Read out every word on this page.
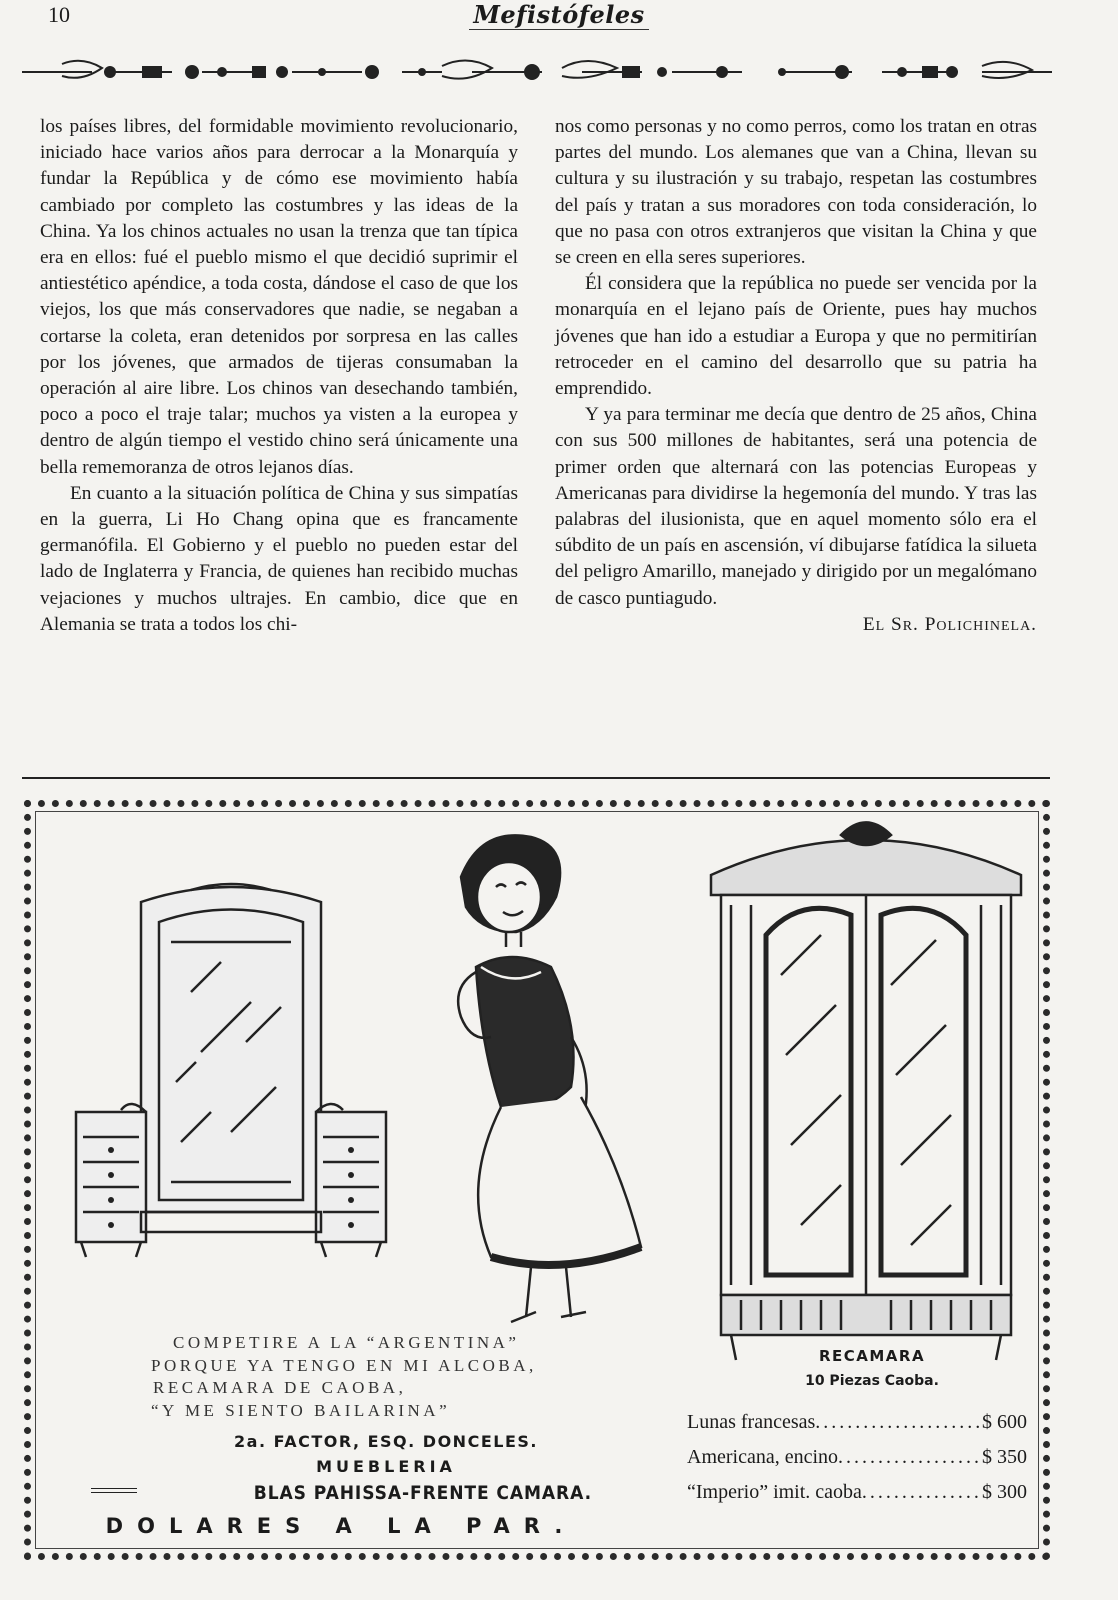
10	Mefistófeles

los países libres, del formidable movimiento revolucionario, iniciado hace varios años para derrocar a la Monarquía y fundar la República y de cómo ese movimiento había cambiado por completo las costumbres y las ideas de la China. Ya los chinos actuales no usan la trenza que tan típica era en ellos: fué el pueblo mismo el que decidió suprimir el antiestético apéndice, a toda costa, dándose el caso de que los viejos, los que más conservadores que nadie, se negaban a cortarse la coleta, eran detenidos por sorpresa en las calles por los jóvenes, que armados de tijeras consumaban la operación al aire libre. Los chinos van desechando también, poco a poco el traje talar; muchos ya visten a la europea y dentro de algún tiempo el vestido chino será únicamente una bella rememoranza de otros lejanos días.

En cuanto a la situación política de China y sus simpatías en la guerra, Li Ho Chang opina que es francamente germanófila. El Gobierno y el pueblo no pueden estar del lado de Inglaterra y Francia, de quienes han recibido muchas vejaciones y muchos ultrajes. En cambio, dice que en Alemania se trata a todos los chi-

nos como personas y no como perros, como los tratan en otras partes del mundo. Los alemanes que van a China, llevan su cultura y su ilustración y su trabajo, respetan las costumbres del país y tratan a sus moradores con toda consideración, lo que no pasa con otros extranjeros que visitan la China y que se creen en ella seres superiores.

Él considera que la república no puede ser vencida por la monarquía en el lejano país de Oriente, pues hay muchos jóvenes que han ido a estudiar a Europa y que no permitirían retroceder en el camino del desarrollo que su patria ha emprendido.

Y ya para terminar me decía que dentro de 25 años, China con sus 500 millones de habitantes, será una potencia de primer orden que alternará con las potencias Europeas y Americanas para dividirse la hegemonía del mundo. Y tras las palabras del ilusionista, que en aquel momento sólo era el súbdito de un país en ascensión, ví dibujarse fatídica la silueta del peligro Amarillo, manejado y dirigido por un megalómano de casco puntiagudo.

El Sr. Polichinela.

COMPETIRE A LA “ARGENTINA”
PORQUE YA TENGO EN MI ALCOBA,
RECAMARA DE CAOBA,
“Y ME SIENTO BAILARINA”
2a. FACTOR, ESQ. DONCELES.
MUEBLERIA
BLAS PAHISSA-FRENTE CAMARA.
DOLARES A LA PAR.
RECAMARA
10 Piezas Caoba.
Lunas francesas .....	$ 600
Americana, encino .....	$ 350
“Imperio” imit. caoba .....	$ 300
